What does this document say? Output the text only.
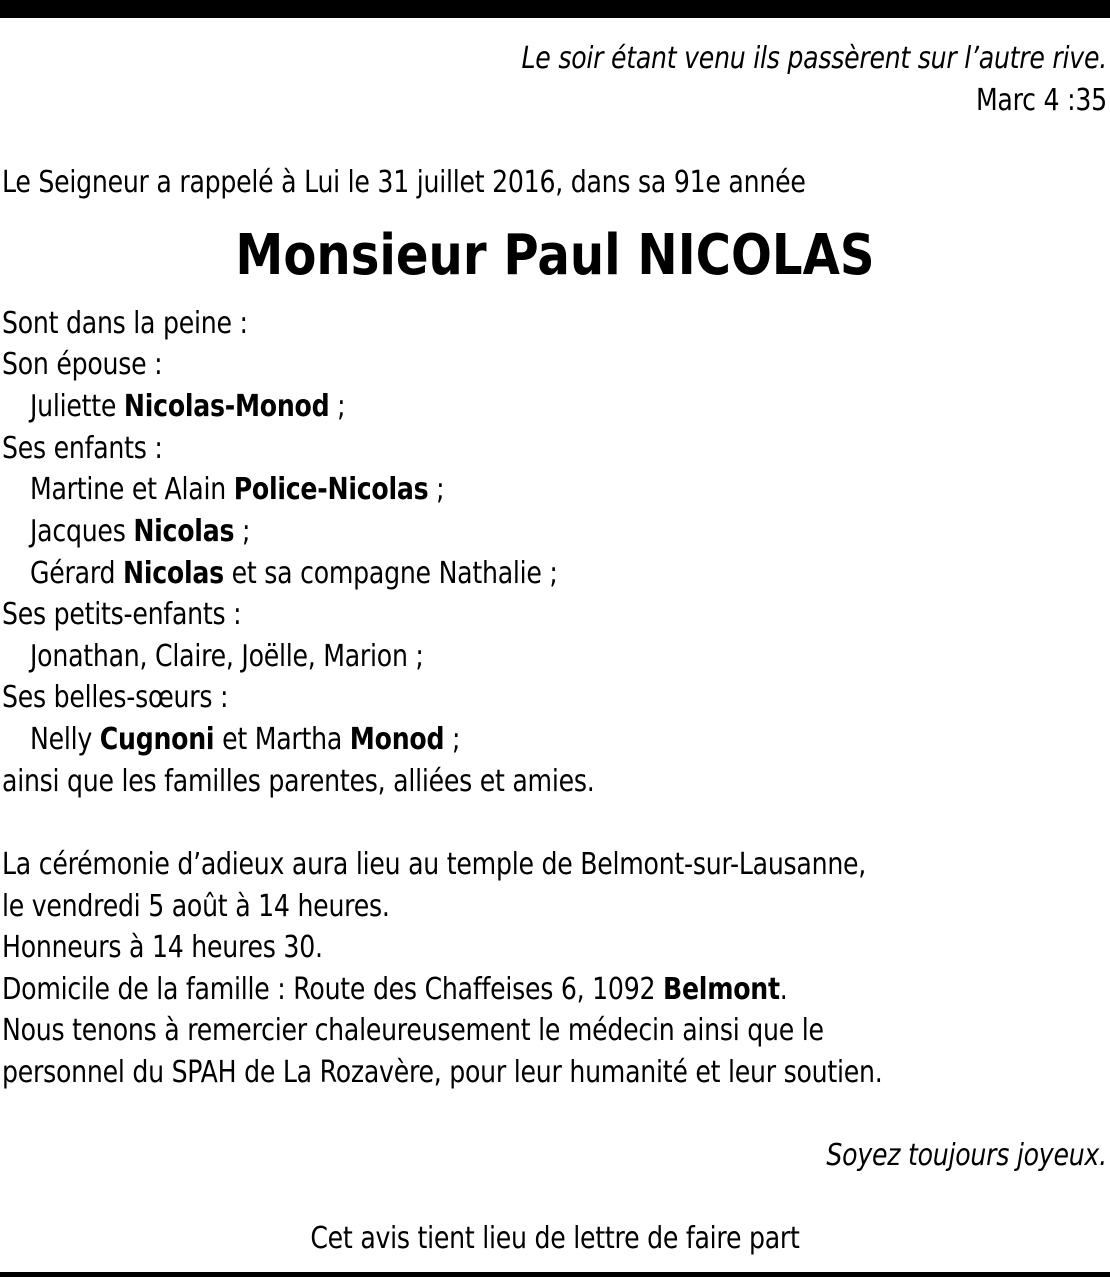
Le soir étant venu ils passèrent sur l’autre rive.
Marc 4 :35
Le Seigneur a rappelé à Lui le 31 juillet 2016, dans sa 91e année
Monsieur Paul NICOLAS
Sont dans la peine :
Son épouse :
Juliette Nicolas-Monod ;
Ses enfants :
Martine et Alain Police-Nicolas ;
Jacques Nicolas ;
Gérard Nicolas et sa compagne Nathalie ;
Ses petits-enfants :
Jonathan, Claire, Joëlle, Marion ;
Ses belles-sœurs :
Nelly Cugnoni et Martha Monod ;
ainsi que les familles parentes, alliées et amies.
La cérémonie d’adieux aura lieu au temple de Belmont-sur-Lausanne,
le vendredi 5 août à 14 heures.
Honneurs à 14 heures 30.
Domicile de la famille : Route des Chaffeises 6, 1092 Belmont.
Nous tenons à remercier chaleureusement le médecin ainsi que le
personnel du SPAH de La Rozavère, pour leur humanité et leur soutien.
Soyez toujours joyeux.
Cet avis tient lieu de lettre de faire part
